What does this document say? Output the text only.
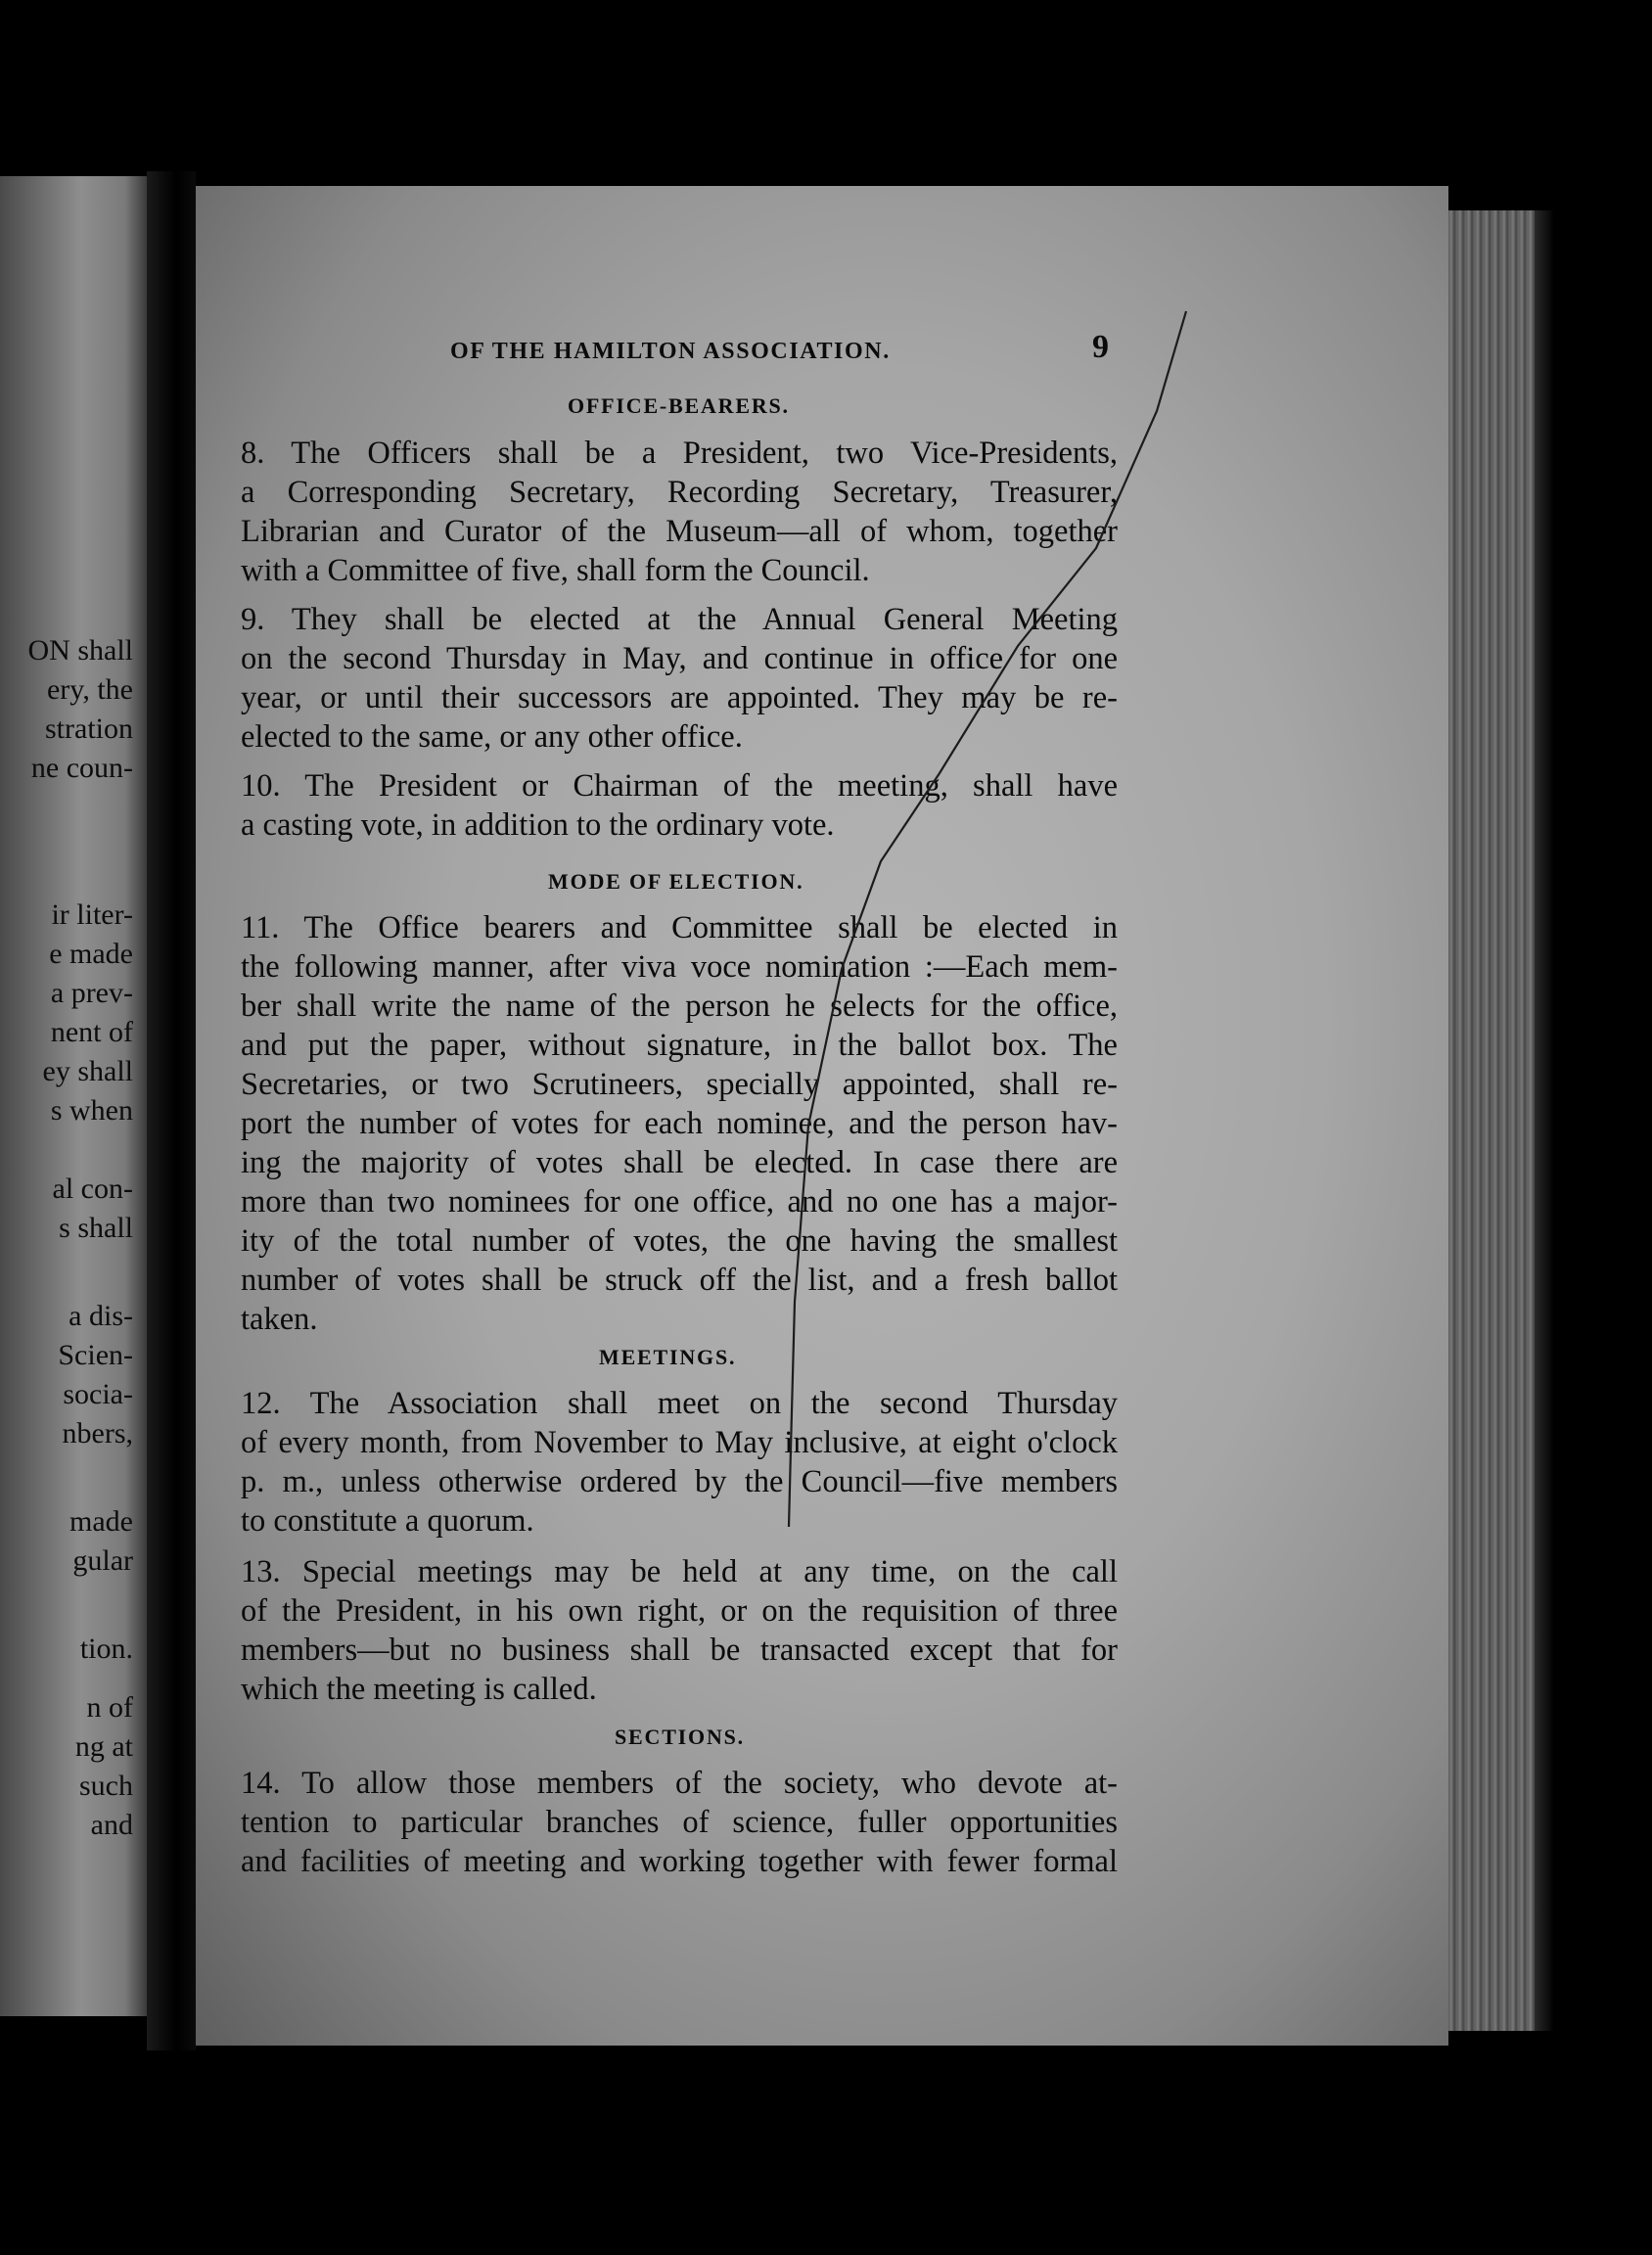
ON shall
ery, the
stration
ne coun-
ir liter-
e made
a prev-
nent of
ey shall
s when
al con-
s shall
a dis-
Scien-
socia-
nbers,
made
gular
tion.
n of
ng at
such
and
OF THE HAMILTON ASSOCIATION.	9
OFFICE-BEARERS.
8. The Officers shall be a President, two Vice-Presidents,
a Corresponding Secretary, Recording Secretary, Treasurer,
Librarian and Curator of the Museum—all of whom, together
with a Committee of five, shall form the Council.
9. They shall be elected at the Annual General Meeting
on the second Thursday in May, and continue in office for one
year, or until their successors are appointed. They may be re-
elected to the same, or any other office.
10. The President or Chairman of the meeting, shall have
a casting vote, in addition to the ordinary vote.
MODE OF ELECTION.
11. The Office bearers and Committee shall be elected in
the following manner, after viva voce nomination :—Each mem-
ber shall write the name of the person he selects for the office,
and put the paper, without signature, in the ballot box. The
Secretaries, or two Scrutineers, specially appointed, shall re-
port the number of votes for each nominee, and the person hav-
ing the majority of votes shall be elected. In case there are
more than two nominees for one office, and no one has a major-
ity of the total number of votes, the one having the smallest
number of votes shall be struck off the list, and a fresh ballot
taken.
MEETINGS.
12. The Association shall meet on the second Thursday
of every month, from November to May inclusive, at eight o'clock
p. m., unless otherwise ordered by the Council—five members
to constitute a quorum.
13. Special meetings may be held at any time, on the call
of the President, in his own right, or on the requisition of three
members—but no business shall be transacted except that for
which the meeting is called.
SECTIONS.
14. To allow those members of the society, who devote at-
tention to particular branches of science, fuller opportunities
and facilities of meeting and working together with fewer formal
